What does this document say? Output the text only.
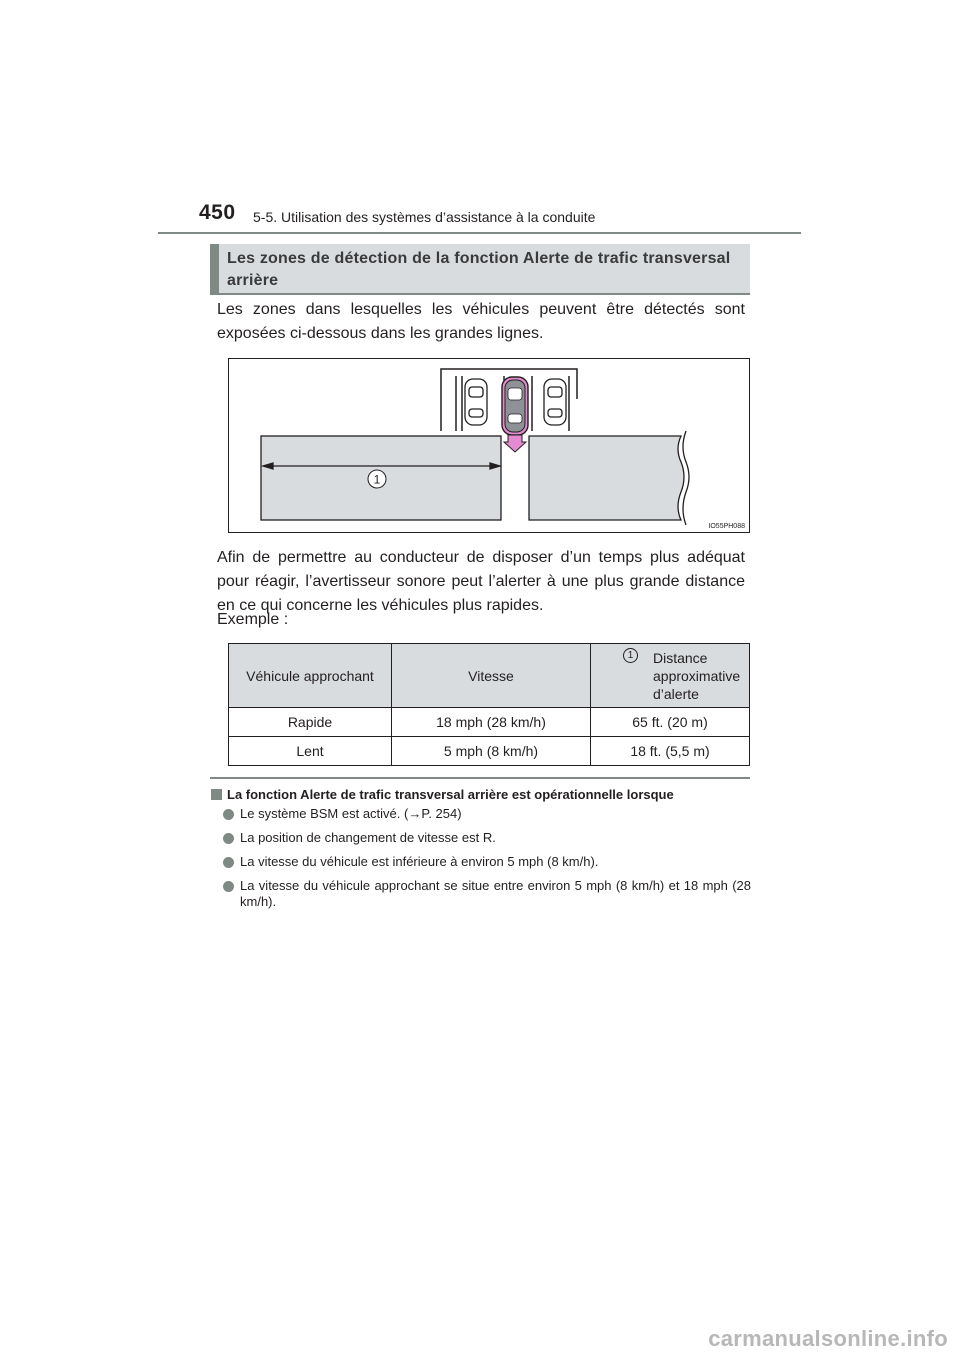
450 5-5. Utilisation des systèmes d’assistance à la conduite
Les zones de détection de la fonction Alerte de trafic transversal arrière
Les zones dans lesquelles les véhicules peuvent être détectés sont exposées ci-dessous dans les grandes lignes.
1
IO55PH088
Afin de permettre au conducteur de disposer d’un temps plus adéquat pour réagir, l’avertisseur sonore peut l’alerter à une plus grande distance en ce qui concerne les véhicules plus rapides.
Exemple :
Véhicule approchant	Vitesse	1 Distance approximative d’alerte

Rapide	18 mph (28 km/h)	65 ft. (20 m)
Lent	5 mph (8 km/h)	18 ft. (5,5 m)
La fonction Alerte de trafic transversal arrière est opérationnelle lorsque
Le système BSM est activé. (→P. 254)
La position de changement de vitesse est R.
La vitesse du véhicule est inférieure à environ 5 mph (8 km/h).
La vitesse du véhicule approchant se situe entre environ 5 mph (8 km/h) et 18 mph (28 km/h).
carmanualsonline.info
